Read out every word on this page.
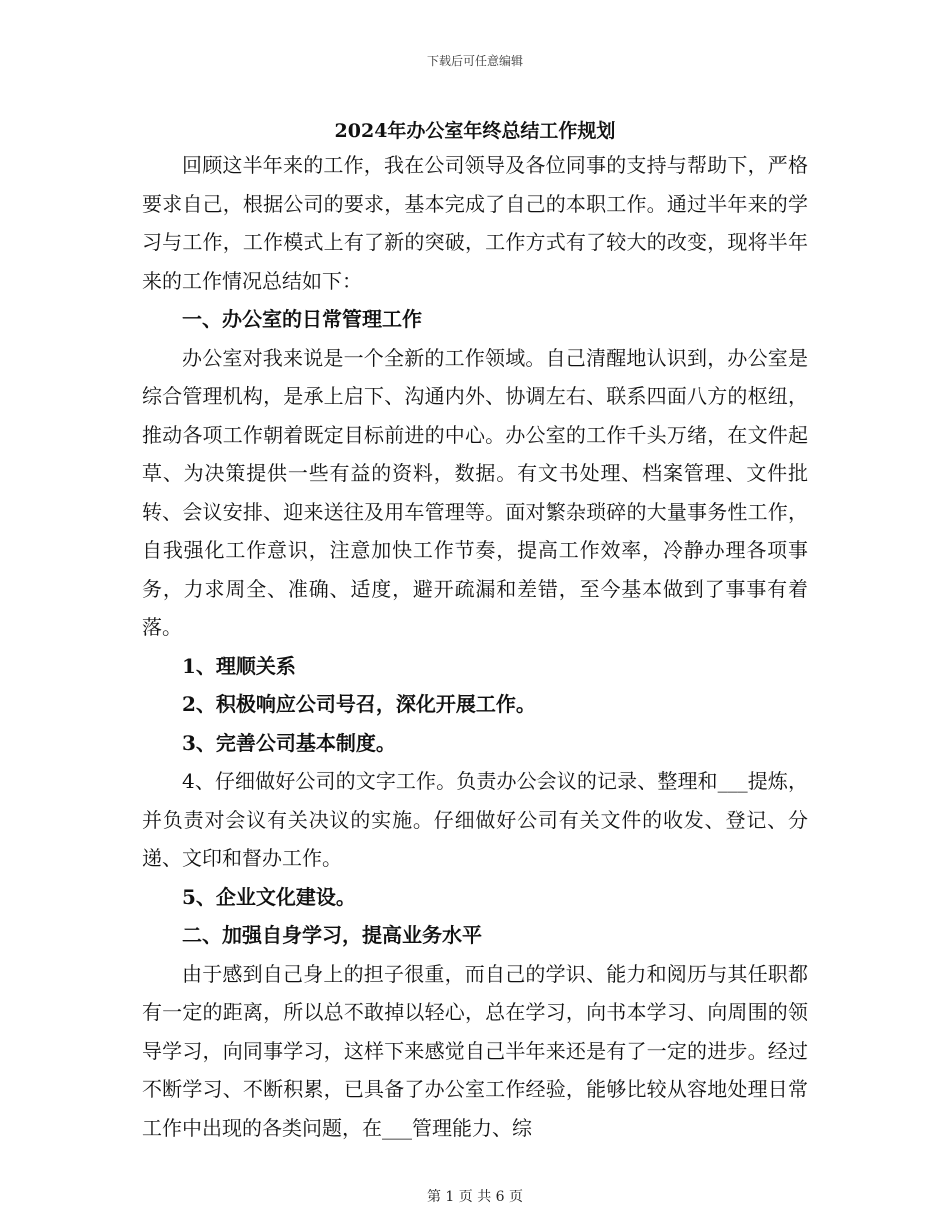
下载后可任意编辑
2024年办公室年终总结工作规划

回顾这半年来的工作，我在公司领导及各位同事的支持与帮助下，严格要求自己，根据公司的要求，基本完成了自己的本职工作。通过半年来的学习与工作，工作模式上有了新的突破，工作方式有了较大的改变，现将半年来的工作情况总结如下：

一、办公室的日常管理工作

办公室对我来说是一个全新的工作领域。自己清醒地认识到，办公室是综合管理机构，是承上启下、沟通内外、协调左右、联系四面八方的枢纽，推动各项工作朝着既定目标前进的中心。办公室的工作千头万绪，在文件起草、为决策提供一些有益的资料，数据。有文书处理、档案管理、文件批转、会议安排、迎来送往及用车管理等。面对繁杂琐碎的大量事务性工作，自我强化工作意识，注意加快工作节奏，提高工作效率，冷静办理各项事务，力求周全、准确、适度，避开疏漏和差错，至今基本做到了事事有着落。

1、理顺关系

2、积极响应公司号召，深化开展工作。

3、完善公司基本制度。

4、仔细做好公司的文字工作。负责办公会议的记录、整理和___提炼，并负责对会议有关决议的实施。仔细做好公司有关文件的收发、登记、分递、文印和督办工作。

5、企业文化建设。

二、加强自身学习，提高业务水平

由于感到自己身上的担子很重，而自己的学识、能力和阅历与其任职都有一定的距离，所以总不敢掉以轻心，总在学习，向书本学习、向周围的领导学习，向同事学习，这样下来感觉自己半年来还是有了一定的进步。经过不断学习、不断积累，已具备了办公室工作经验，能够比较从容地处理日常工作中出现的各类问题，在___管理能力、综

第 1 页 共 6 页
